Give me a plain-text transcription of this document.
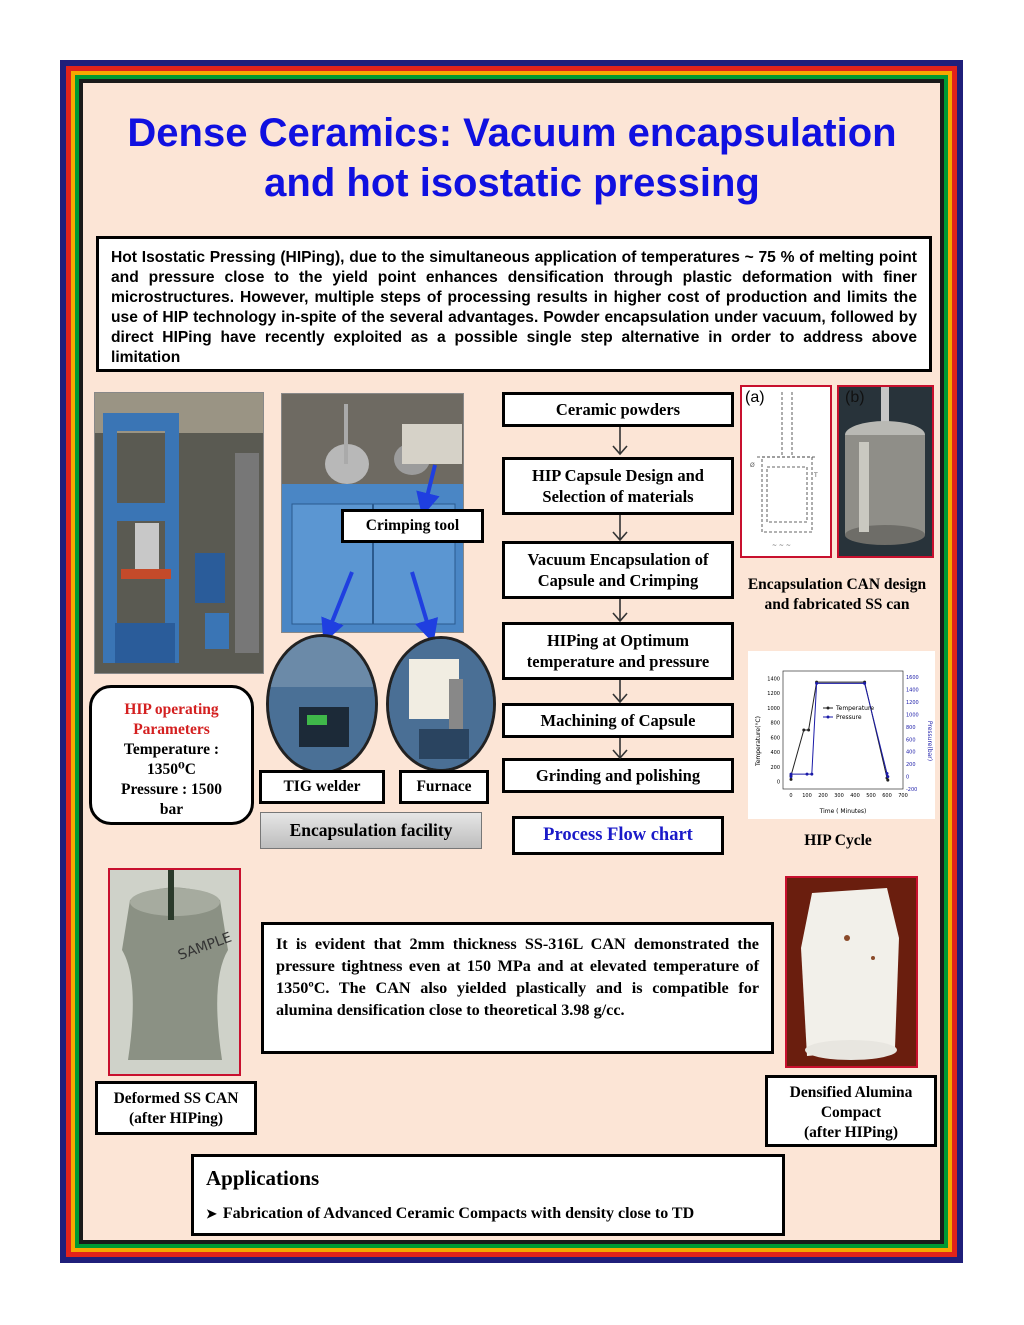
Dense Ceramics: Vacuum encapsulation and hot isostatic pressing
Hot Isostatic Pressing (HIPing), due to the simultaneous application of temperatures ~ 75 % of melting point and pressure close to the yield point enhances densification through plastic deformation with finer microstructures. However, multiple steps of processing results in higher cost of production and limits the use of HIP technology in-spite of the several advantages. Powder encapsulation under vacuum, followed by direct HIPing have recently exploited as a possible single step alternative in order to address above limitation
HIP operating Parameters
Temperature :
1350⁰C
Pressure : 1500
bar
Crimping tool
TIG welder	Furnace
Encapsulation facility
Ceramic powders
HIP Capsule Design and Selection of materials
Vacuum Encapsulation of Capsule and Crimping
HIPing at Optimum temperature and pressure
Machining of Capsule
Grinding and polishing
Process Flow chart
Ø
T
~ ~ ~
(a)	(b)
Encapsulation CAN design and fabricated SS can
Temperature(°C)	Pressure(bar)
Time ( Minutes)
0 100 200 300 400 500 600 700
0
200
400
600
800
1000
1200
1400
-200
0
200
400
600
800
1000
1200
1400
1600
Temperature
Pressure
HIP Cycle
SAMPLE
Deformed SS CAN
(after HIPing)
It is evident that 2mm thickness SS-316L CAN demonstrated the pressure tightness even at 150 MPa and at elevated temperature of 1350ºC. The CAN also yielded plastically and is compatible for alumina densification close to theoretical 3.98 g/cc.
Densified Alumina
Compact
(after HIPing)
Applications
➤ Fabrication of Advanced Ceramic Compacts with density close to TD
